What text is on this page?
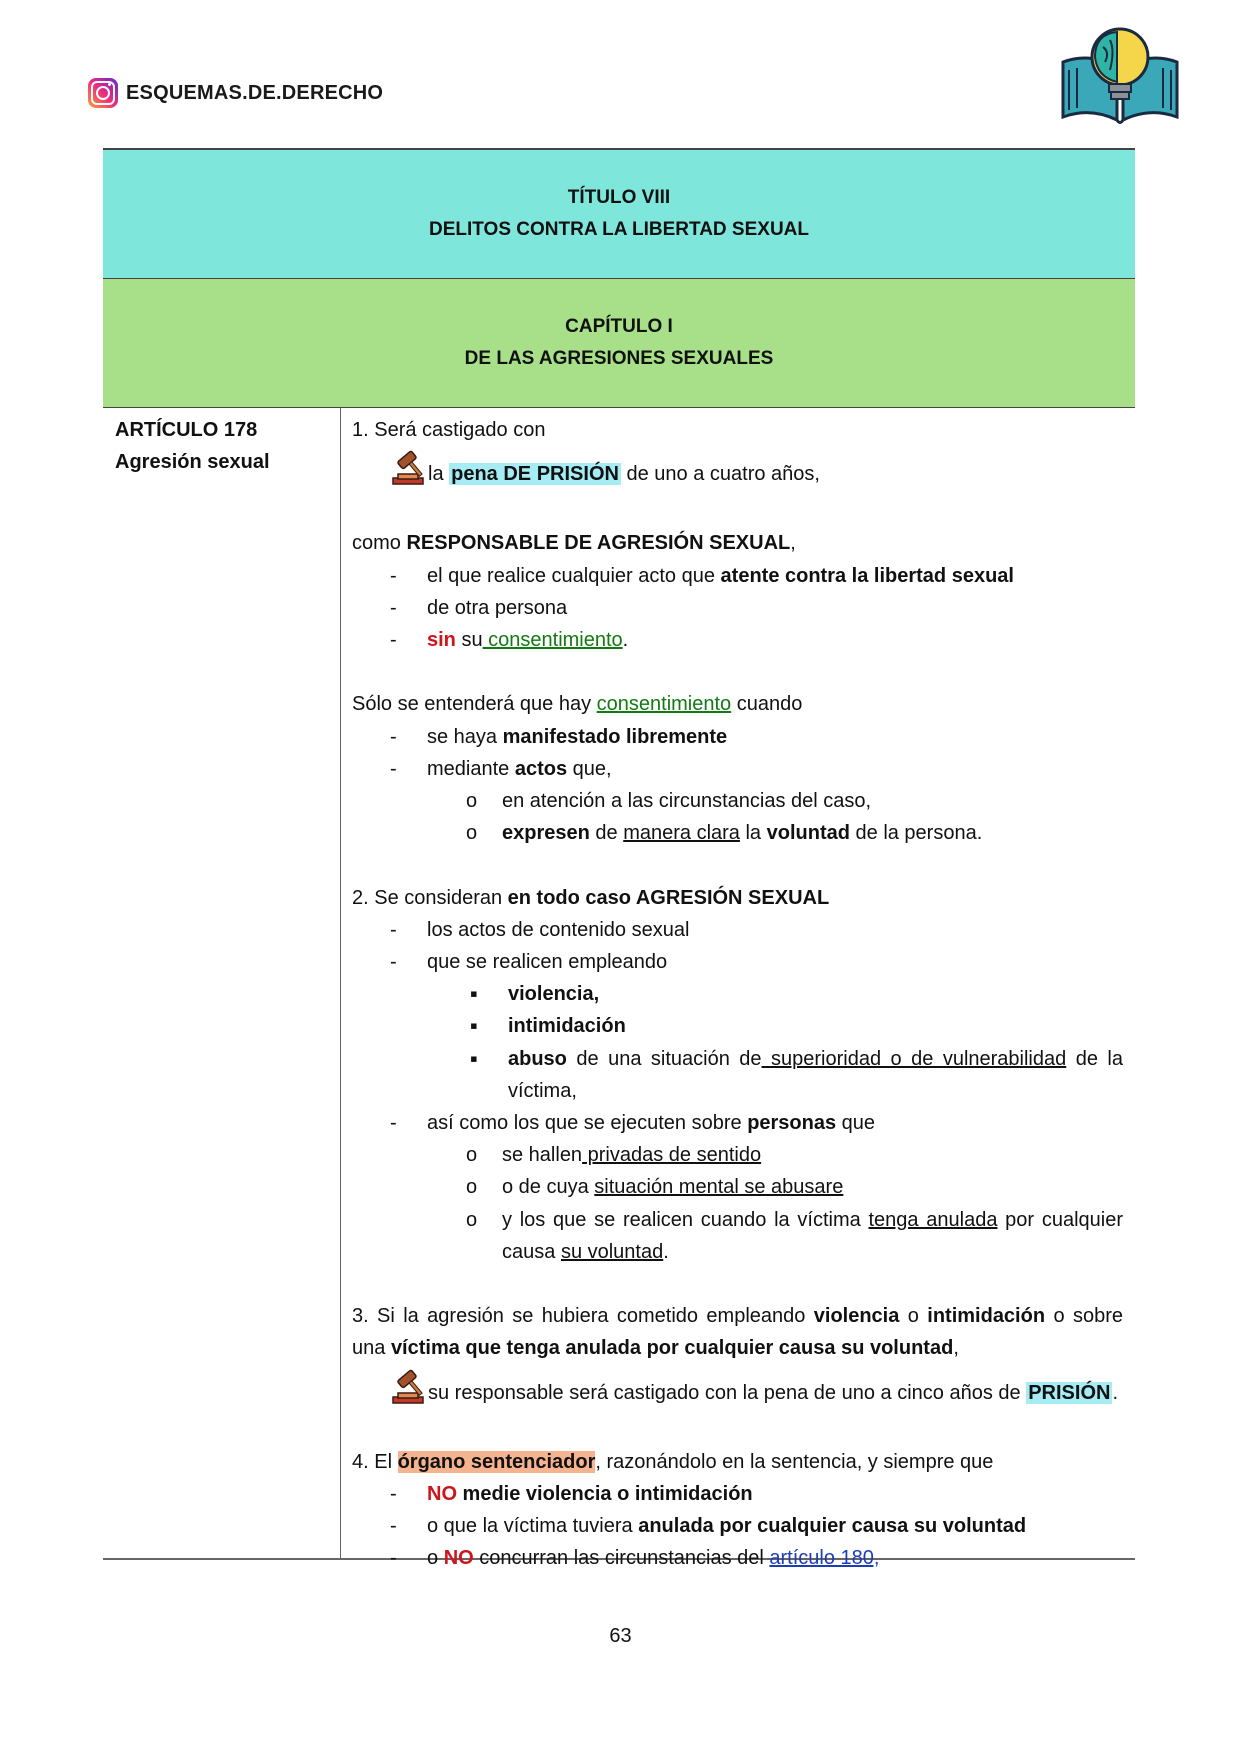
ESQUEMAS.DE.DERECHO
TÍTULO VIII
DELITOS CONTRA LA LIBERTAD SEXUAL
CAPÍTULO I
DE LAS AGRESIONES SEXUALES
ARTÍCULO 178
Agresión sexual

1. Será castigado con

la pena DE PRISIÓN de uno a cuatro años,

como RESPONSABLE DE AGRESIÓN SEXUAL,

- el que realice cualquier acto que atente contra la libertad sexual

- de otra persona

- sin su consentimiento.

Sólo se entenderá que hay consentimiento cuando

- se haya manifestado libremente

- mediante actos que,

o en atención a las circunstancias del caso,

o expresen de manera clara la voluntad de la persona.

2. Se consideran en todo caso AGRESIÓN SEXUAL

- los actos de contenido sexual

- que se realicen empleando

▪ violencia,

▪ intimidación

▪ abuso de una situación de superioridad o de vulnerabilidad de la víctima,

- así como los que se ejecuten sobre personas que

o se hallen privadas de sentido

o o de cuya situación mental se abusare

o y los que se realicen cuando la víctima tenga anulada por cualquier causa su voluntad.

3. Si la agresión se hubiera cometido empleando violencia o intimidación o sobre una víctima que tenga anulada por cualquier causa su voluntad,

su responsable será castigado con la pena de uno a cinco años de PRISIÓN .

4. El órgano sentenciador, razonándolo en la sentencia, y siempre que

- NO medie violencia o intimidación

- o que la víctima tuviera anulada por cualquier causa su voluntad

- o NO concurran las circunstancias del artículo 180,

63
